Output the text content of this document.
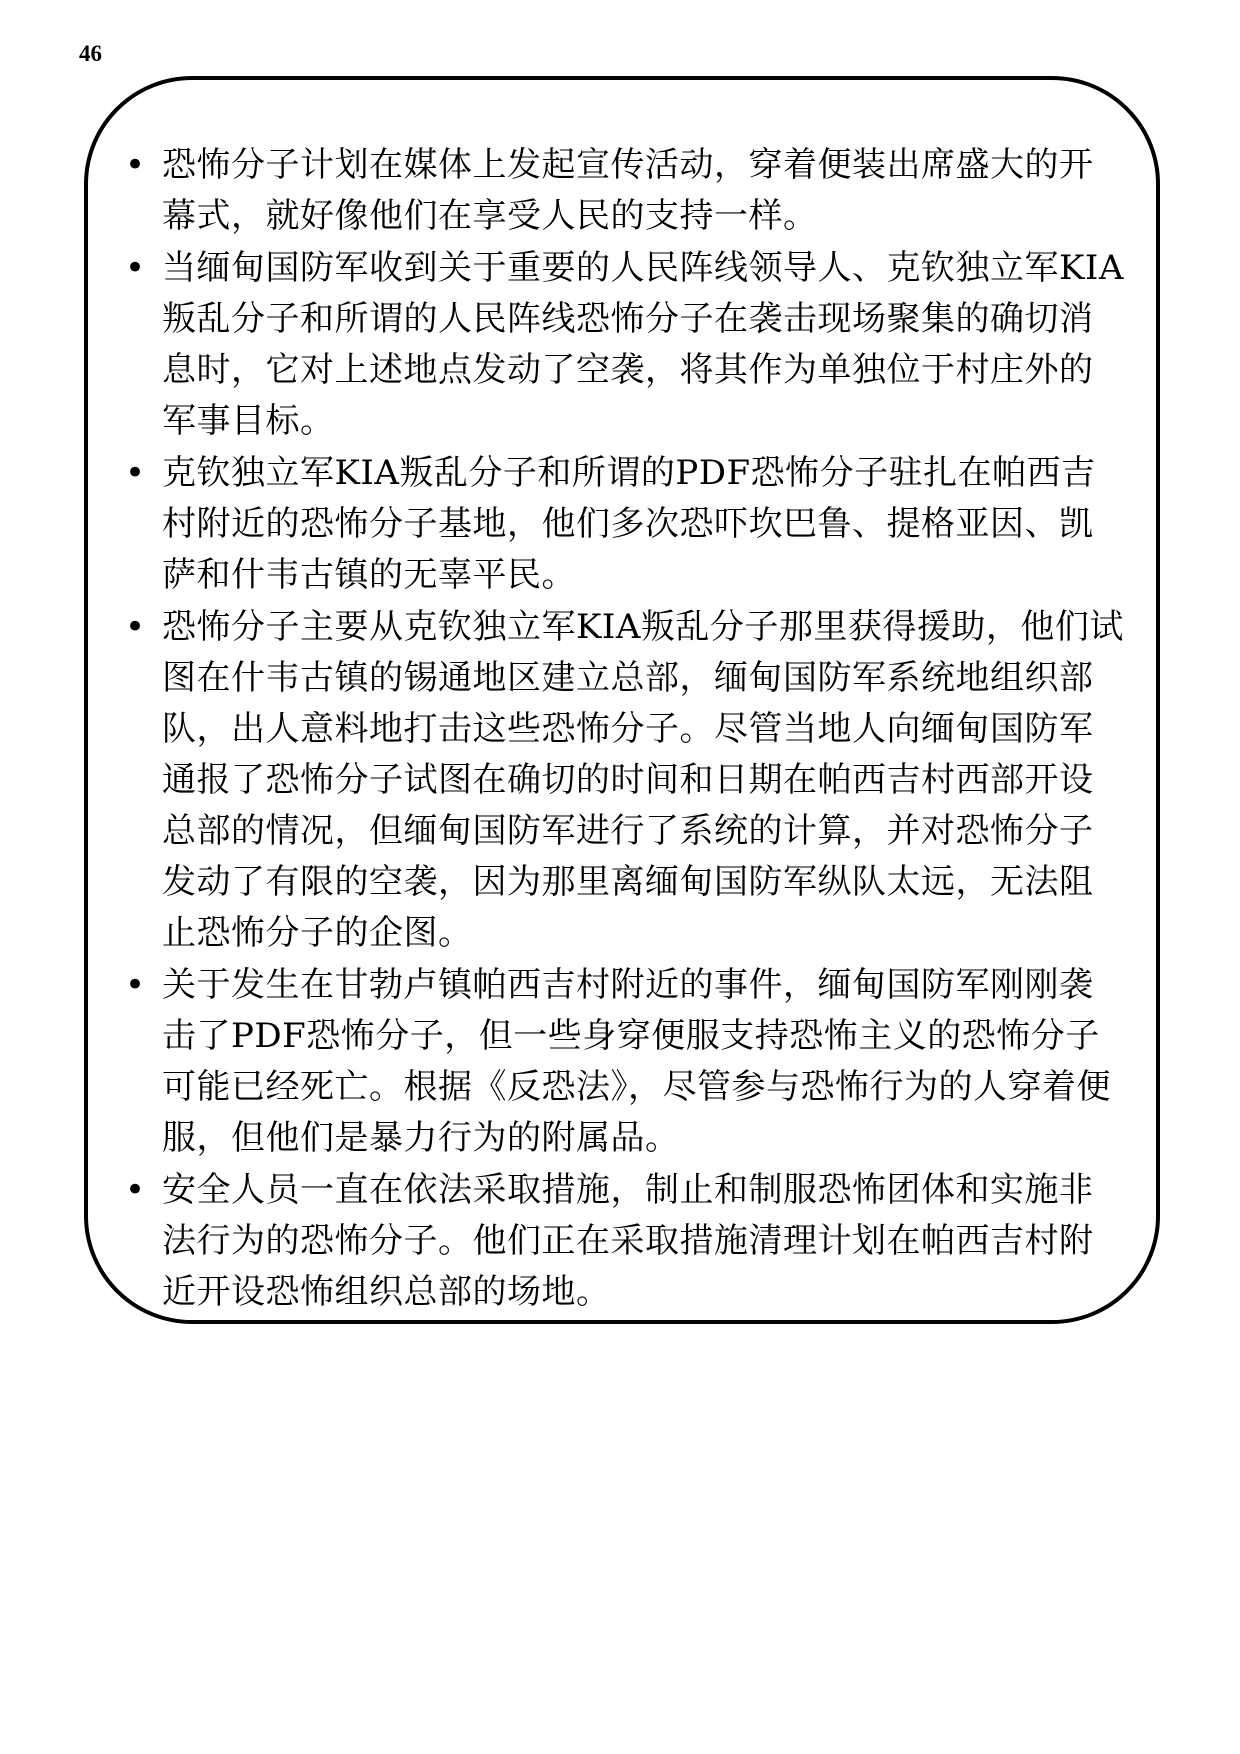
46
• 恐怖分子计划在媒体上发起宣传活动，穿着便装出席盛大的开幕式，就好像他们在享受人民的支持一样。
• 当缅甸国防军收到关于重要的人民阵线领导人、克钦独立军KIA叛乱分子和所谓的人民阵线恐怖分子在袭击现场聚集的确切消息时，它对上述地点发动了空袭，将其作为单独位于村庄外的军事目标。
• 克钦独立军KIA叛乱分子和所谓的PDF恐怖分子驻扎在帕西吉村附近的恐怖分子基地，他们多次恐吓坎巴鲁、提格亚因、凯萨和什韦古镇的无辜平民。
• 恐怖分子主要从克钦独立军KIA叛乱分子那里获得援助，他们试图在什韦古镇的锡通地区建立总部，缅甸国防军系统地组织部队，出人意料地打击这些恐怖分子。尽管当地人向缅甸国防军通报了恐怖分子试图在确切的时间和日期在帕西吉村西部开设总部的情况，但缅甸国防军进行了系统的计算，并对恐怖分子发动了有限的空袭，因为那里离缅甸国防军纵队太远，无法阻止恐怖分子的企图。
• 关于发生在甘勃卢镇帕西吉村附近的事件，缅甸国防军刚刚袭击了PDF恐怖分子，但一些身穿便服支持恐怖主义的恐怖分子可能已经死亡。根据《反恐法》，尽管参与恐怖行为的人穿着便服，但他们是暴力行为的附属品。
• 安全人员一直在依法采取措施，制止和制服恐怖团体和实施非法行为的恐怖分子。他们正在采取措施清理计划在帕西吉村附近开设恐怖组织总部的场地。
